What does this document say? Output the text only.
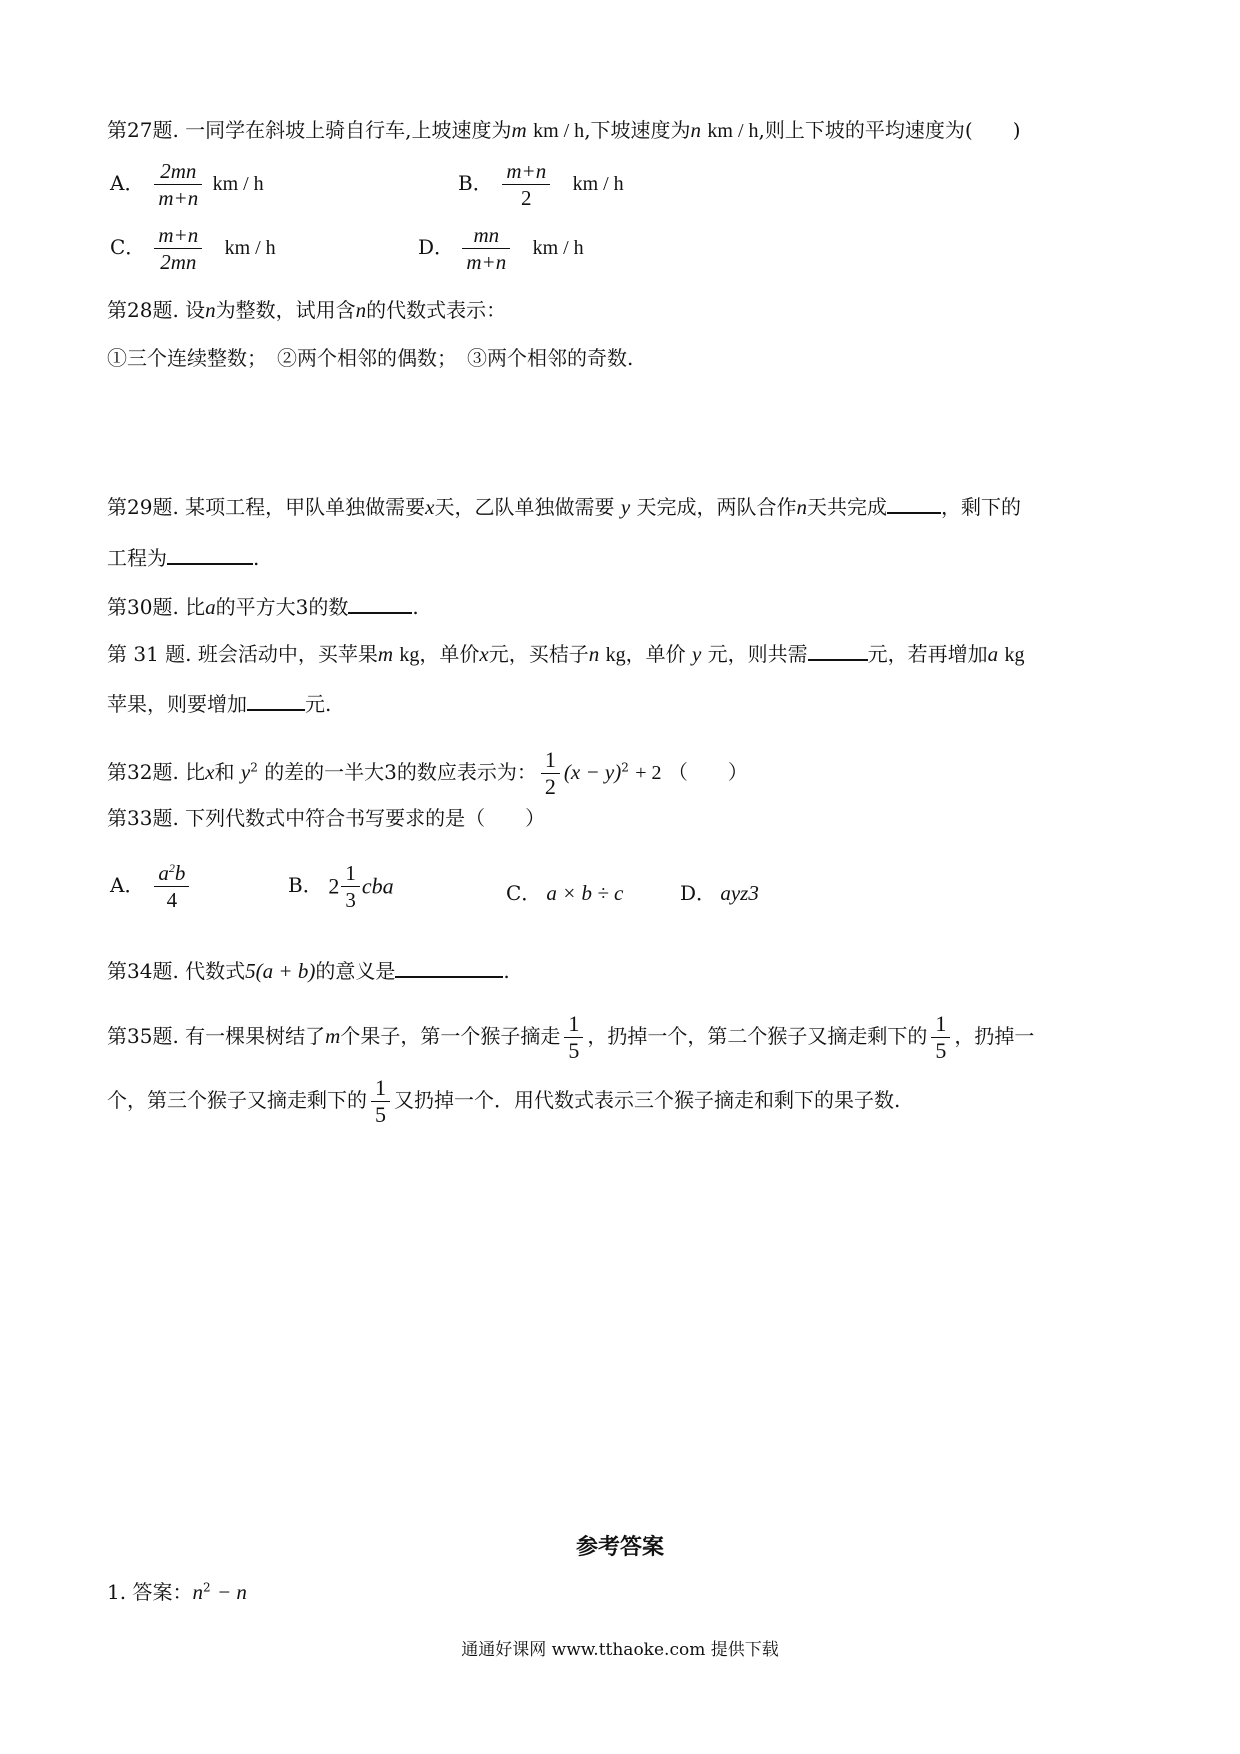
第27题. 一同学在斜坡上骑自行车,上坡速度为m km / h,下坡速度为n km / h,则上下坡的平均速度为(　　)
A． $\frac{2mn}{m+n}$ km / h	B． $\frac{m+n}{2}$ km / h
C． $\frac{m+n}{2mn}$ km / h	D． $\frac{mn}{m+n}$ km / h
第28题. 设n为整数，试用含n的代数式表示：
①三个连续整数；　②两个相邻的偶数；　③两个相邻的奇数.
第29题. 某项工程，甲队单独做需要x天，乙队单独做需要 y 天完成，两队合作n天共完成	，剩下的
工程为	.
第30题. 比a的平方大3的数	.
第 31 题. 班会活动中，买苹果m kg，单价x元，买桔子n kg，单价 y 元，则共需	元，若再增加a kg
苹果，则要增加	元.
第32题. 比x和 $y^2$ 的差的一半大3的数应表示为： $\frac{1}{2} (x - y)^2 + 2$ （　　）
第33题. 下列代数式中符合书写要求的是（　　）
A． $\frac{a^2b}{4}$	B． $2 \frac{1}{3}$ cba	C． a × b ÷ c	D． ayz3
第34题. 代数式5(a + b)的意义是	.
第35题. 有一棵果树结了m个果子，第一个猴子摘走 $\frac{1}{5}$ ，扔掉一个，第二个猴子又摘走剩下的 $\frac{1}{5}$ ，扔掉一
个，第三个猴子又摘走剩下的 $\frac{1}{5}$ 又扔掉一个．用代数式表示三个猴子摘走和剩下的果子数.
参考答案
1. 答案：$n^2 - n$
通通好课网 www.tthaoke.com 提供下载
